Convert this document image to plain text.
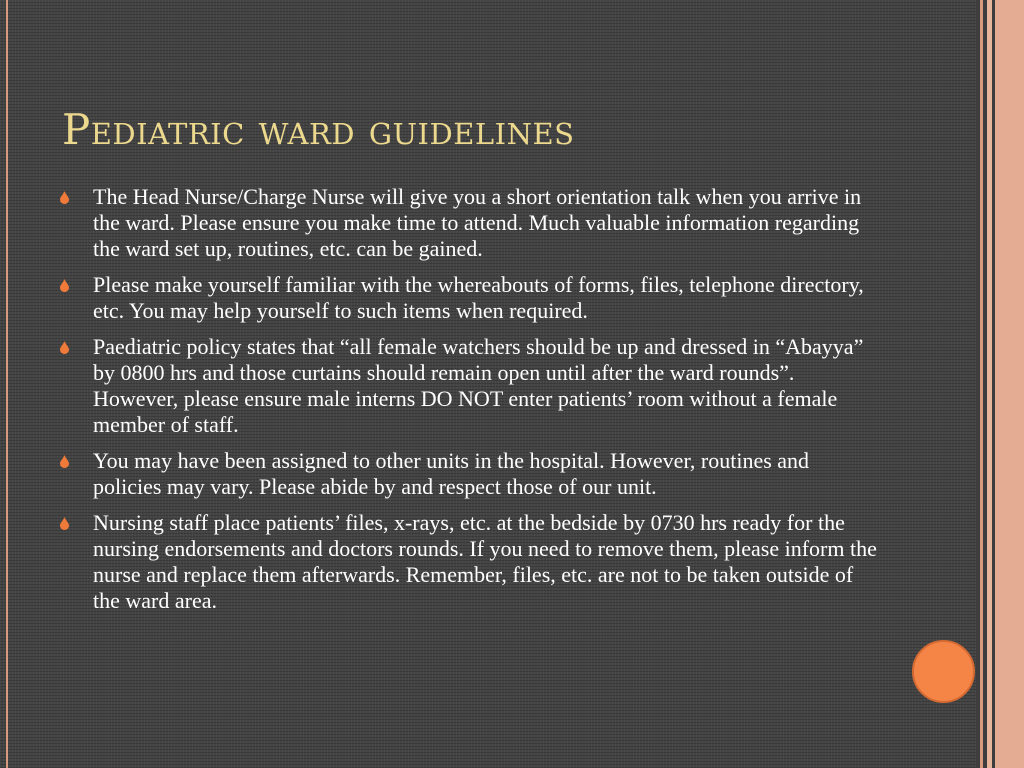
Pediatric ward guidelines
The Head Nurse/Charge Nurse will give you a short orientation talk when you arrive in the ward. Please ensure you make time to attend. Much valuable information regarding the ward set up, routines, etc. can be gained.
Please make yourself familiar with the whereabouts of forms, files, telephone directory, etc. You may help yourself to such items when required.
Paediatric policy states that “all female watchers should be up and dressed in “Abayya” by 0800 hrs and those curtains should remain open until after the ward rounds”. However, please ensure male interns DO NOT enter patients’ room without a female member of staff.
You may have been assigned to other units in the hospital. However, routines and policies may vary. Please abide by and respect those of our unit.
Nursing staff place patients’ files, x-rays, etc. at the bedside by 0730 hrs ready for the nursing endorsements and doctors rounds. If you need to remove them, please inform the nurse and replace them afterwards. Remember, files, etc. are not to be taken outside of the ward area.
